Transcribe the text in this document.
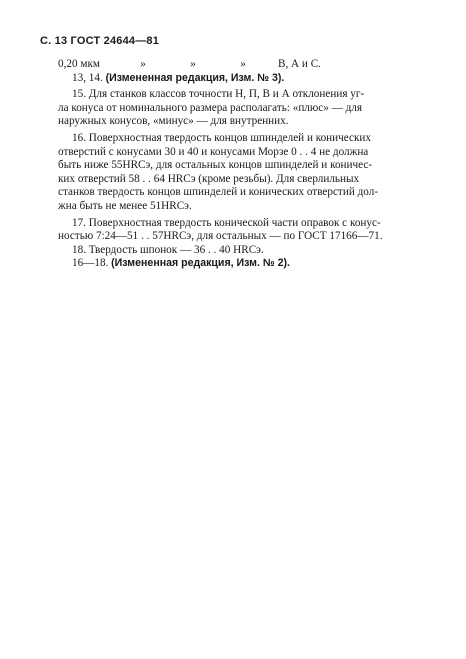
С. 13 ГОСТ 24644—81
0,20 мкм	»	»	»	В, А и С.
13, 14. (Измененная редакция, Изм. № 3).
15. Для станков классов точности Н, П, В и А отклонения уг-
ла конуса от номинального размера располагать: «плюс» — для
наружных конусов, «минус» — для внутренних.
16. Поверхностная твердость концов шпинделей и конических
отверстий с конусами 30 и 40 и конусами Морзе 0 . . 4 не должна
быть ниже 55HRCэ, для остальных концов шпинделей и коничес-
ких отверстий 58 . . 64 HRCэ (кроме резьбы). Для сверлильных
станков твердость концов шпинделей и конических отверстий дол-
жна быть не менее 51HRCэ.
17. Поверхностная твердость конической части оправок с конус-
ностью 7:24—51 . . 57HRCэ, для остальных — по ГОСТ 17166—71.
18. Твердость шпонок — 36 . . 40 HRCэ.
16—18. (Измененная редакция, Изм. № 2).
